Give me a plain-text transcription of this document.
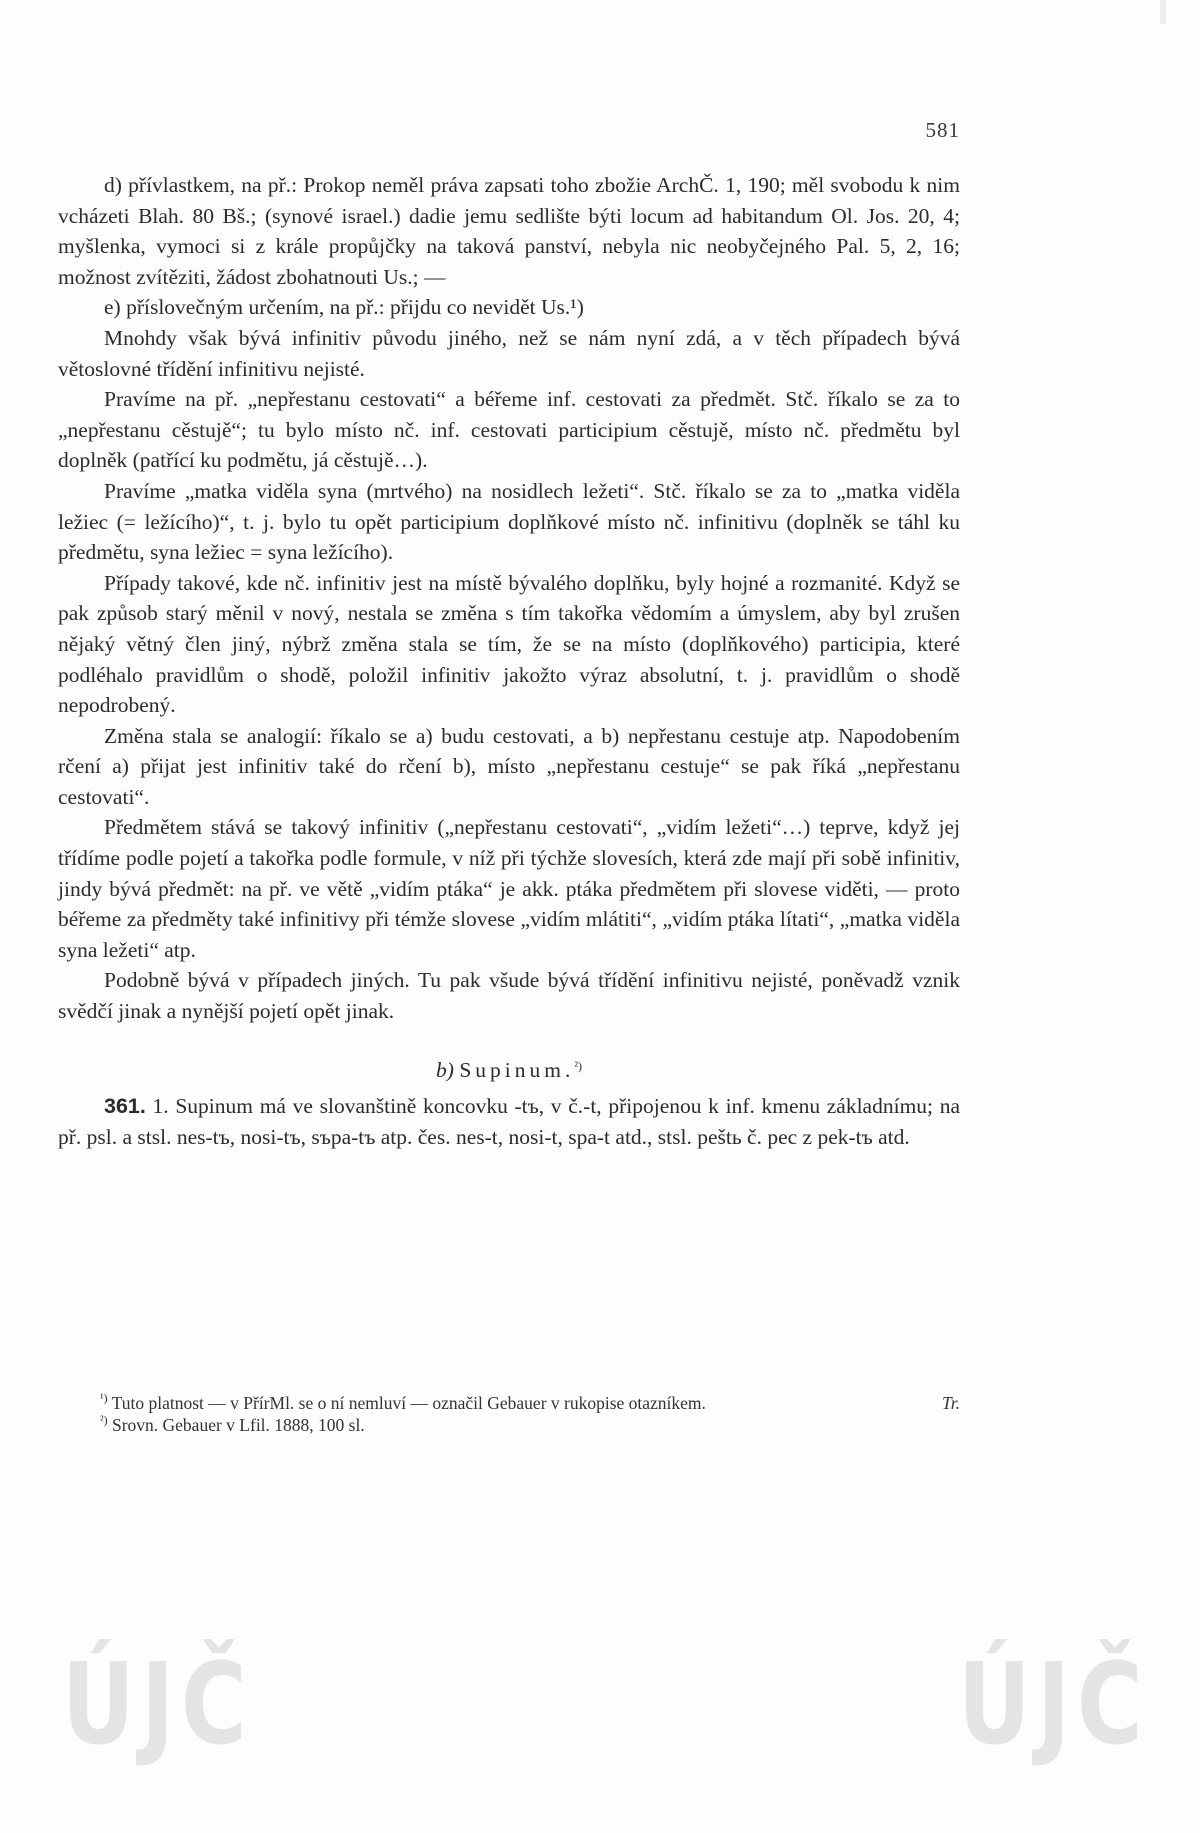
581

d) přívlastkem, na př.: Prokop neměl práva zapsati toho zbožie ArchČ. 1, 190; měl svobodu k nim vcházeti Blah. 80 Bš.; (synové israel.) dadie jemu sedlište býti locum ad habitandum Ol. Jos. 20, 4; myšlenka, vymoci si z krále propůjčky na taková panství, nebyla nic neobyčejného Pal. 5, 2, 16; možnost zvítěziti, žádost zbohatnouti Us.; —

e) příslovečným určením, na př.: přijdu co nevidět Us.¹)

Mnohdy však bývá infinitiv původu jiného, než se nám nyní zdá, a v těch případech bývá větoslovné třídění infinitivu nejisté.

Pravíme na př. „nepřestanu cestovati“ a béřeme inf. cestovati za předmět. Stč. říkalo se za to „nepřestanu cěstujě“; tu bylo místo nč. inf. cestovati participium cěstujě, místo nč. předmětu byl doplněk (patřící ku podmětu, já cěstujě…).

Pravíme „matka viděla syna (mrtvého) na nosidlech ležeti“. Stč. říkalo se za to „matka viděla ležiec (= ležícího)“, t. j. bylo tu opět participium doplňkové místo nč. infinitivu (doplněk se táhl ku předmětu, syna ležiec = syna ležícího).

Případy takové, kde nč. infinitiv jest na místě bývalého doplňku, byly hojné a rozmanité. Když se pak způsob starý měnil v nový, nestala se změna s tím takořka vědomím a úmyslem, aby byl zrušen nějaký větný člen jiný, nýbrž změna stala se tím, že se na místo (doplňkového) participia, které podléhalo pravidlům o shodě, položil infinitiv jakožto výraz absolutní, t. j. pravidlům o shodě nepodrobený.

Změna stala se analogií: říkalo se a) budu cestovati, a b) nepřestanu cestuje atp. Napodobením rčení a) přijat jest infinitiv také do rčení b), místo „nepřestanu cestuje“ se pak říká „nepřestanu cestovati“.

Předmětem stává se takový infinitiv („nepřestanu cestovati“, „vidím ležeti“…) teprve, když jej třídíme podle pojetí a takořka podle formule, v níž při týchže slovesích, která zde mají při sobě infinitiv, jindy bývá předmět: na př. ve větě „vidím ptáka“ je akk. ptáka předmětem při slovese viděti, — proto béřeme za předměty také infinitivy při témže slovese „vidím mlátiti“, „vidím ptáka lítati“, „matka viděla syna ležeti“ atp.

Podobně bývá v případech jiných. Tu pak všude bývá třídění infinitivu nejisté, poněvadž vznik svědčí jinak a nynější pojetí opět jinak.

b) Supinum.$^{^2)}$

361. 1. Supinum má ve slovanštině koncovku -tъ, v č.-t, připojenou k inf. kmenu základnímu; na př. psl. a stsl. nes-tъ, nosi-tъ, sъpa-tъ atp. čes. nes-t, nosi-t, spa-t atd., stsl. peštь č. pec z pek-tъ atd.

$^{^1)}$ Tuto platnost — v PřírMl. se o ní nemluví — označil Gebauer v rukopise otazníkem.	Tr.

$^{^2)}$ Srovn. Gebauer v Lfil. 1888, 100 sl.

ÚJČ	ÚJČ
